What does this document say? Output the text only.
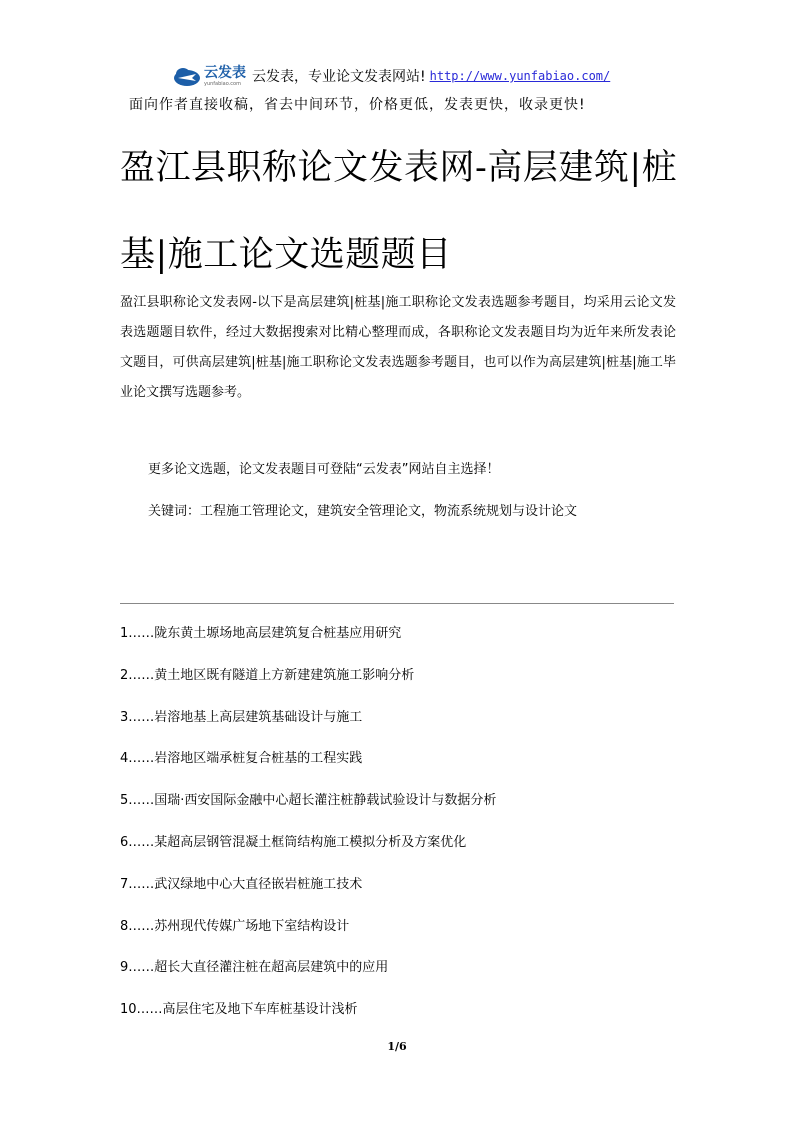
云发表
yunfabiao.com 云发表，专业论文发表网站! http://www.yunfabiao.com/
面向作者直接收稿，省去中间环节，价格更低，发表更快，收录更快!
盈江县职称论文发表网-高层建筑|桩基|施工论文选题题目

盈江县职称论文发表网-以下是高层建筑|桩基|施工职称论文发表选题参考题目，均采用云论文发表选题题目软件，经过大数据搜索对比精心整理而成，各职称论文发表题目均为近年来所发表论文题目，可供高层建筑|桩基|施工职称论文发表选题参考题目，也可以作为高层建筑|桩基|施工毕业论文撰写选题参考。

更多论文选题，论文发表题目可登陆“云发表”网站自主选择！

关键词：工程施工管理论文，建筑安全管理论文，物流系统规划与设计论文

1……陇东黄土塬场地高层建筑复合桩基应用研究
2……黄土地区既有隧道上方新建建筑施工影响分析
3……岩溶地基上高层建筑基础设计与施工
4……岩溶地区端承桩复合桩基的工程实践
5……国瑞·西安国际金融中心超长灌注桩静载试验设计与数据分析
6……某超高层钢管混凝土框筒结构施工模拟分析及方案优化
7……武汉绿地中心大直径嵌岩桩施工技术
8……苏州现代传媒广场地下室结构设计
9……超长大直径灌注桩在超高层建筑中的应用
10……高层住宅及地下车库桩基设计浅析
1/6
